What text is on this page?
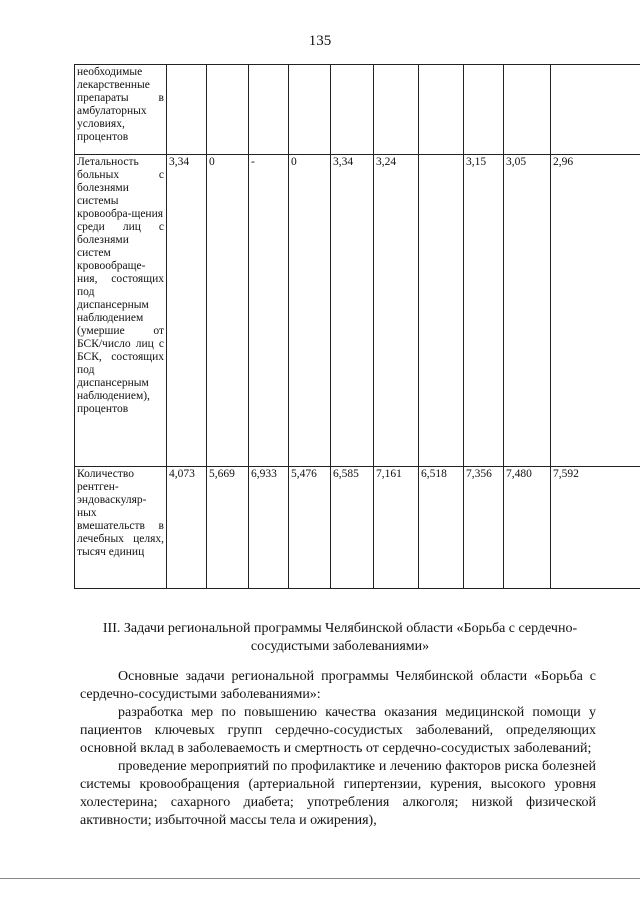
135
необходимые лекарственные препараты в амбулаторных условиях, процентов										
Летальность больных с болезнями системы кровообра-щения среди лиц с болезнями систем кровообраще-ния, состоящих под диспансерным наблюдением (умершие от БСК/число лиц с БСК, состоящих под диспансерным наблюдением), процентов	3,34	0	-	0	3,34	3,24		3,15	3,05	2,96
Количество рентген-эндоваскуляр-ных вмешательств в лечебных целях, тысяч единиц	4,073	5,669	6,933	5,476	6,585	7,161	6,518	7,356	7,480	7,592
III. Задачи региональной программы Челябинской области «Борьба с сердечно-сосудистыми заболеваниями»

Основные задачи региональной программы Челябинской области «Борьба с сердечно-сосудистыми заболеваниями»:

разработка мер по повышению качества оказания медицинской помощи у пациентов ключевых групп сердечно-сосудистых заболеваний, определяющих основной вклад в заболеваемость и смертность от сердечно-сосудистых заболеваний;

проведение мероприятий по профилактике и лечению факторов риска болезней системы кровообращения (артериальной гипертензии, курения, высокого уровня холестерина; сахарного диабета; употребления алкоголя; низкой физической активности; избыточной массы тела и ожирения),
